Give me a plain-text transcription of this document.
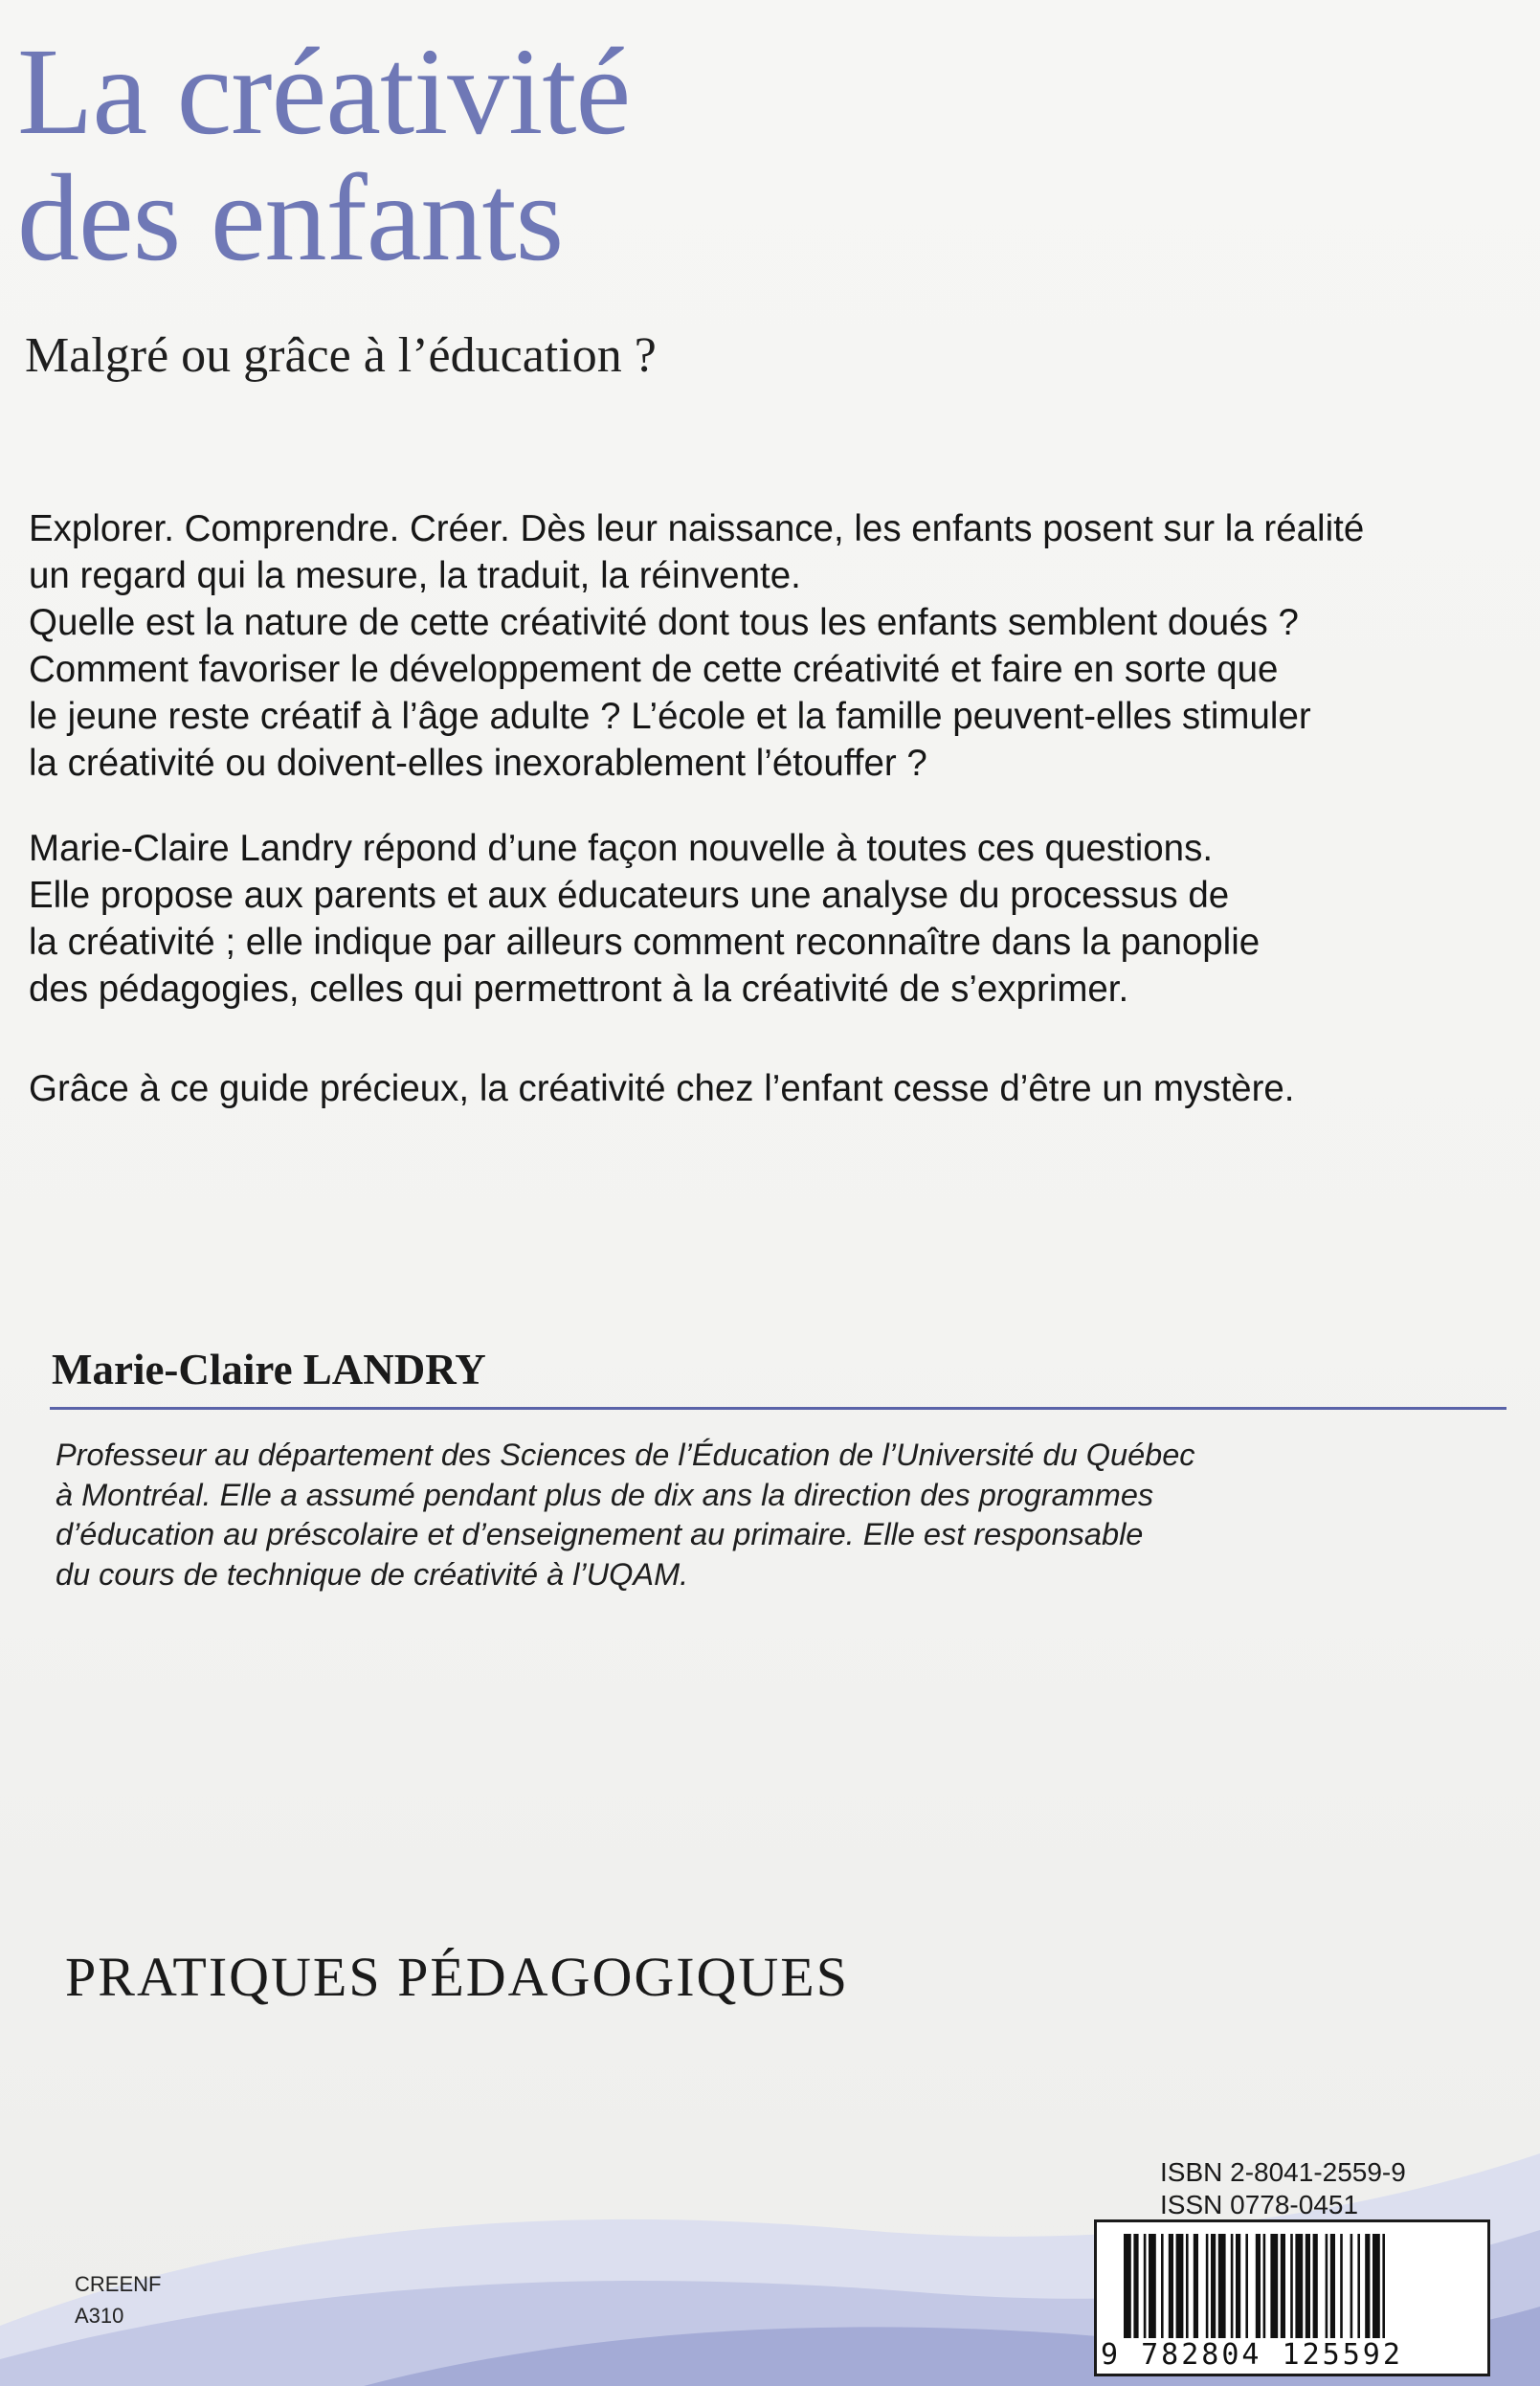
La créativité
des enfants
Malgré ou grâce à l’éducation ?

Explorer. Comprendre. Créer. Dès leur naissance, les enfants posent sur la réalité
un regard qui la mesure, la traduit, la réinvente.
Quelle est la nature de cette créativité dont tous les enfants semblent doués ?
Comment favoriser le développement de cette créativité et faire en sorte que
le jeune reste créatif à l’âge adulte ? L’école et la famille peuvent-elles stimuler
la créativité ou doivent-elles inexorablement l’étouffer ?

Marie-Claire Landry répond d’une façon nouvelle à toutes ces questions.
Elle propose aux parents et aux éducateurs une analyse du processus de
la créativité ; elle indique par ailleurs comment reconnaître dans la panoplie
des pédagogies, celles qui permettront à la créativité de s’exprimer.

Grâce à ce guide précieux, la créativité chez l’enfant cesse d’être un mystère.

Marie-Claire LANDRY

Professeur au département des Sciences de l’Éducation de l’Université du Québec
à Montréal. Elle a assumé pendant plus de dix ans la direction des programmes
d’éducation au préscolaire et d’enseignement au primaire. Elle est responsable
du cours de technique de créativité à l’UQAM.

PRATIQUES PÉDAGOGIQUES
CREENF
A310
ISBN 2-8041-2559-9
ISSN 0778-0451
9 782804 125592
